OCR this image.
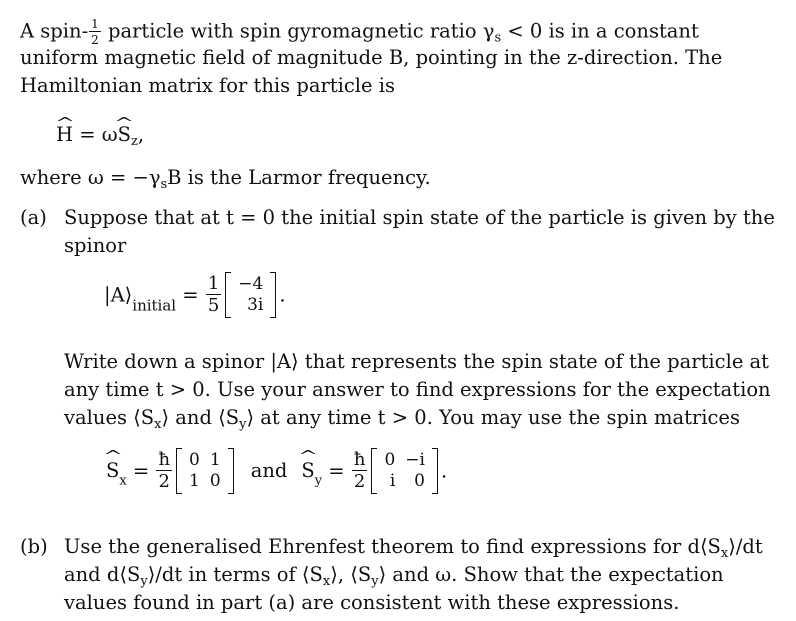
A spin- $\frac{1}{2}$ particle with spin gyromagnetic ratio $\gamma_s < 0$ is in a constant
uniform magnetic field of magnitude B, pointing in the z-direction. The
Hamiltonian matrix for this particle is
^ H = ω^ $S_z$,
where $\omega = -\gamma_sB$ is the Larmor frequency.
(a) Suppose that at t = 0 the initial spin state of the particle is given by the
spinor
$|A⟩_{initial} = \frac{1}{5} -4$
3i .
Write down a spinor |A⟩ that represents the spin state of the particle at
any time t > 0. Use your answer to find expressions for the expectation
values $⟨S_x⟩$ and $⟨S_y⟩$ at any time t > 0. You may use the spin matrices
^ $S_x = \frac{ħ}{2} 0$	1
1	0 and ^ $S_y = \frac{ħ}{2} 0$	−i
i	0 .
(b) Use the generalised Ehrenfest theorem to find expressions for $d⟨S_x⟩/dt$
and $d⟨S_y⟩/dt$ in terms of $⟨S_x⟩$, $⟨S_y⟩$ and ω. Show that the expectation
values found in part (a) are consistent with these expressions.
